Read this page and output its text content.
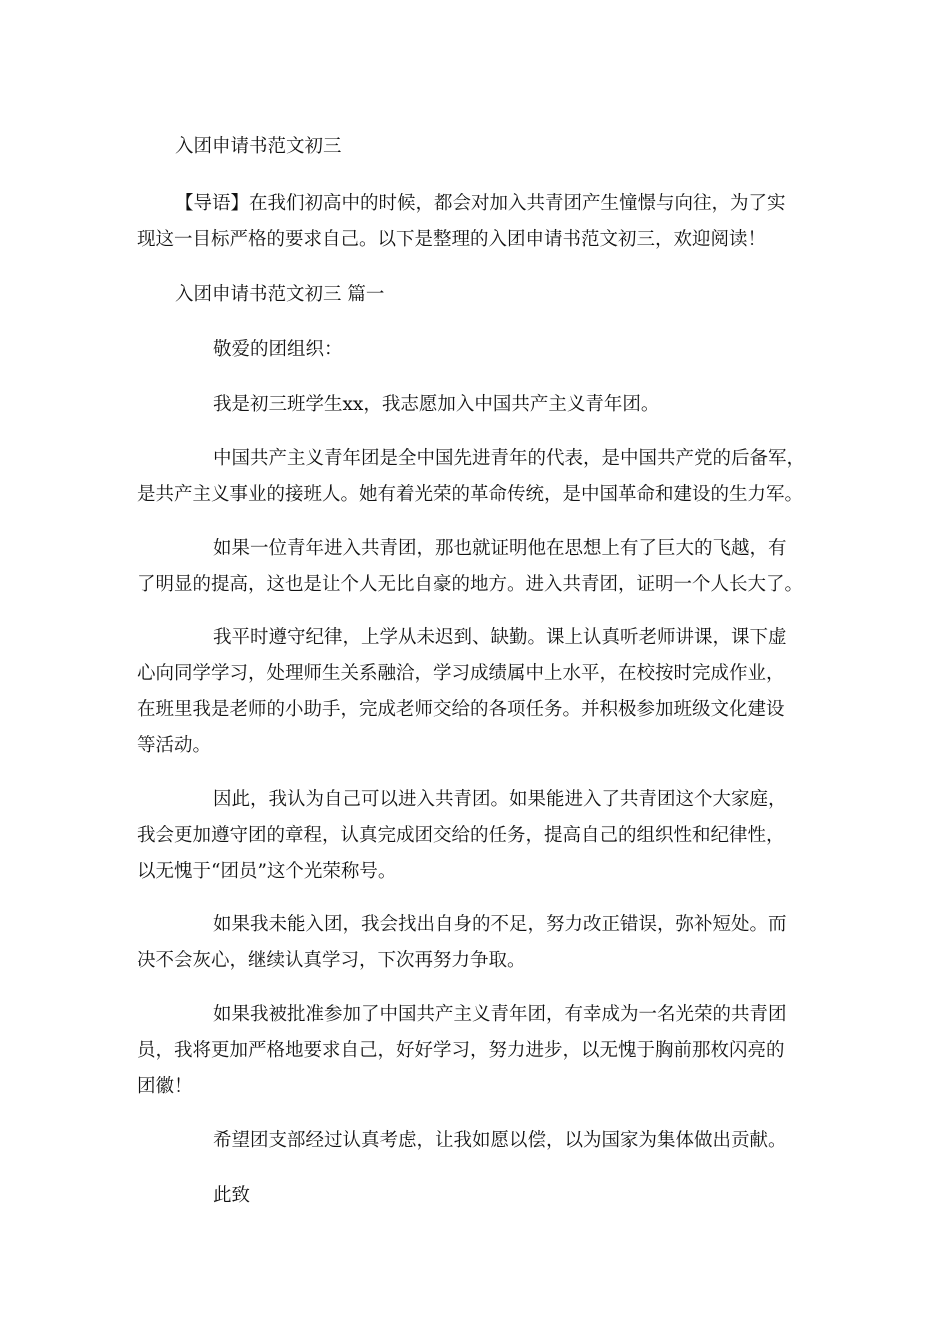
入团申请书范文初三
【导语】在我们初高中的时候，都会对加入共青团产生憧憬与向往，为了实
现这一目标严格的要求自己。以下是整理的入团申请书范文初三，欢迎阅读！
入团申请书范文初三 篇一
敬爱的团组织：
我是初三班学生xx，我志愿加入中国共产主义青年团。
中国共产主义青年团是全中国先进青年的代表，是中国共产党的后备军，
是共产主义事业的接班人。她有着光荣的革命传统，是中国革命和建设的生力军。
如果一位青年进入共青团，那也就证明他在思想上有了巨大的飞越，有
了明显的提高，这也是让个人无比自豪的地方。进入共青团，证明一个人长大了。
我平时遵守纪律，上学从未迟到、缺勤。课上认真听老师讲课，课下虚
心向同学学习，处理师生关系融洽，学习成绩属中上水平，在校按时完成作业，
在班里我是老师的小助手，完成老师交给的各项任务。并积极参加班级文化建设
等活动。
因此，我认为自己可以进入共青团。如果能进入了共青团这个大家庭，
我会更加遵守团的章程，认真完成团交给的任务，提高自己的组织性和纪律性，
以无愧于“团员”这个光荣称号。
如果我未能入团，我会找出自身的不足，努力改正错误，弥补短处。而
决不会灰心，继续认真学习，下次再努力争取。
如果我被批准参加了中国共产主义青年团，有幸成为一名光荣的共青团
员，我将更加严格地要求自己，好好学习，努力进步，以无愧于胸前那枚闪亮的
团徽！
希望团支部经过认真考虑，让我如愿以偿，以为国家为集体做出贡献。
此致
